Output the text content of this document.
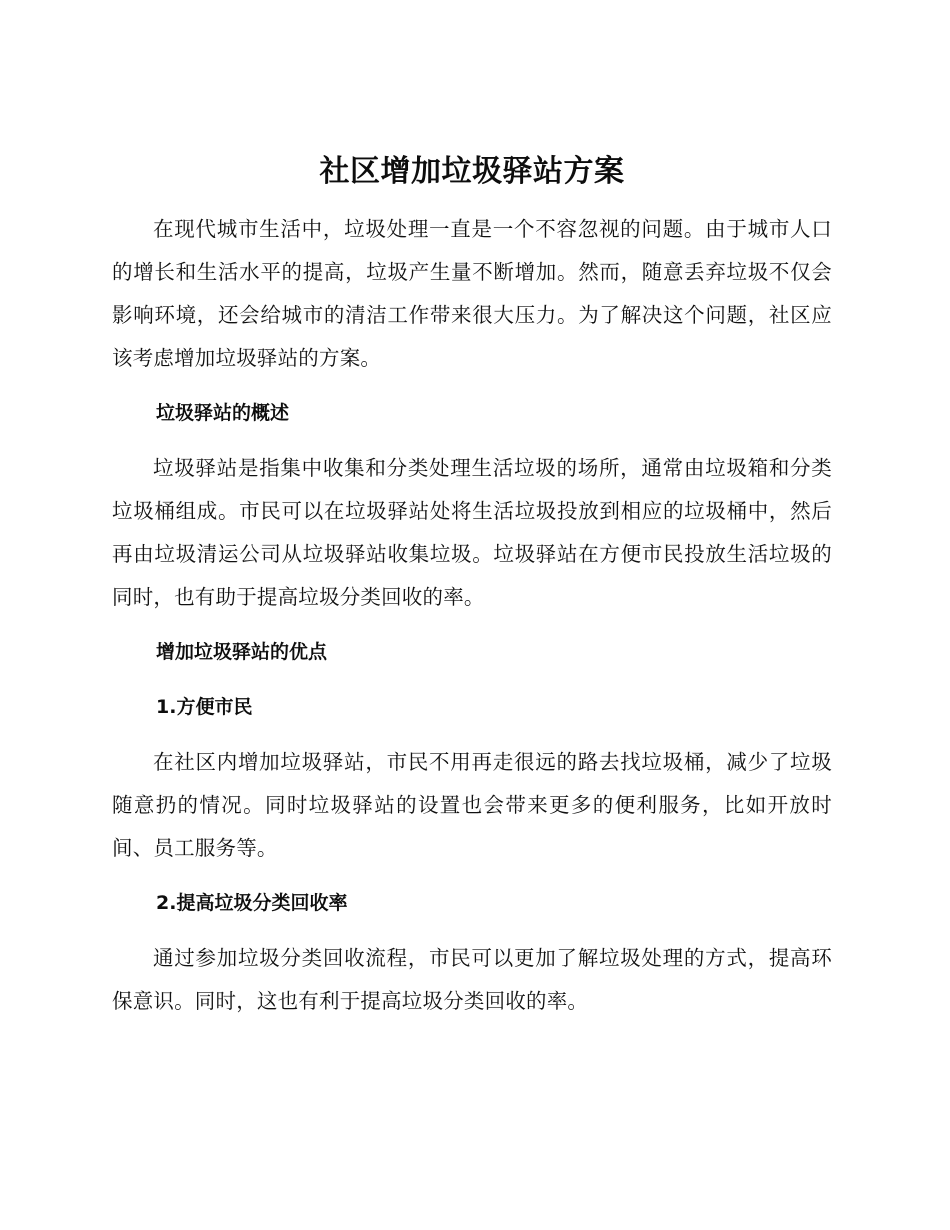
社区增加垃圾驿站方案

在现代城市生活中，垃圾处理一直是一个不容忽视的问题。由于城市人口的增长和生活水平的提高，垃圾产生量不断增加。然而，随意丢弃垃圾不仅会影响环境，还会给城市的清洁工作带来很大压力。为了解决这个问题，社区应该考虑增加垃圾驿站的方案。

垃圾驿站的概述

垃圾驿站是指集中收集和分类处理生活垃圾的场所，通常由垃圾箱和分类垃圾桶组成。市民可以在垃圾驿站处将生活垃圾投放到相应的垃圾桶中，然后再由垃圾清运公司从垃圾驿站收集垃圾。垃圾驿站在方便市民投放生活垃圾的同时，也有助于提高垃圾分类回收的率。

增加垃圾驿站的优点
1.方便市民

在社区内增加垃圾驿站，市民不用再走很远的路去找垃圾桶，减少了垃圾随意扔的情况。同时垃圾驿站的设置也会带来更多的便利服务，比如开放时间、员工服务等。

2.提高垃圾分类回收率

通过参加垃圾分类回收流程，市民可以更加了解垃圾处理的方式，提高环保意识。同时，这也有利于提高垃圾分类回收的率。
